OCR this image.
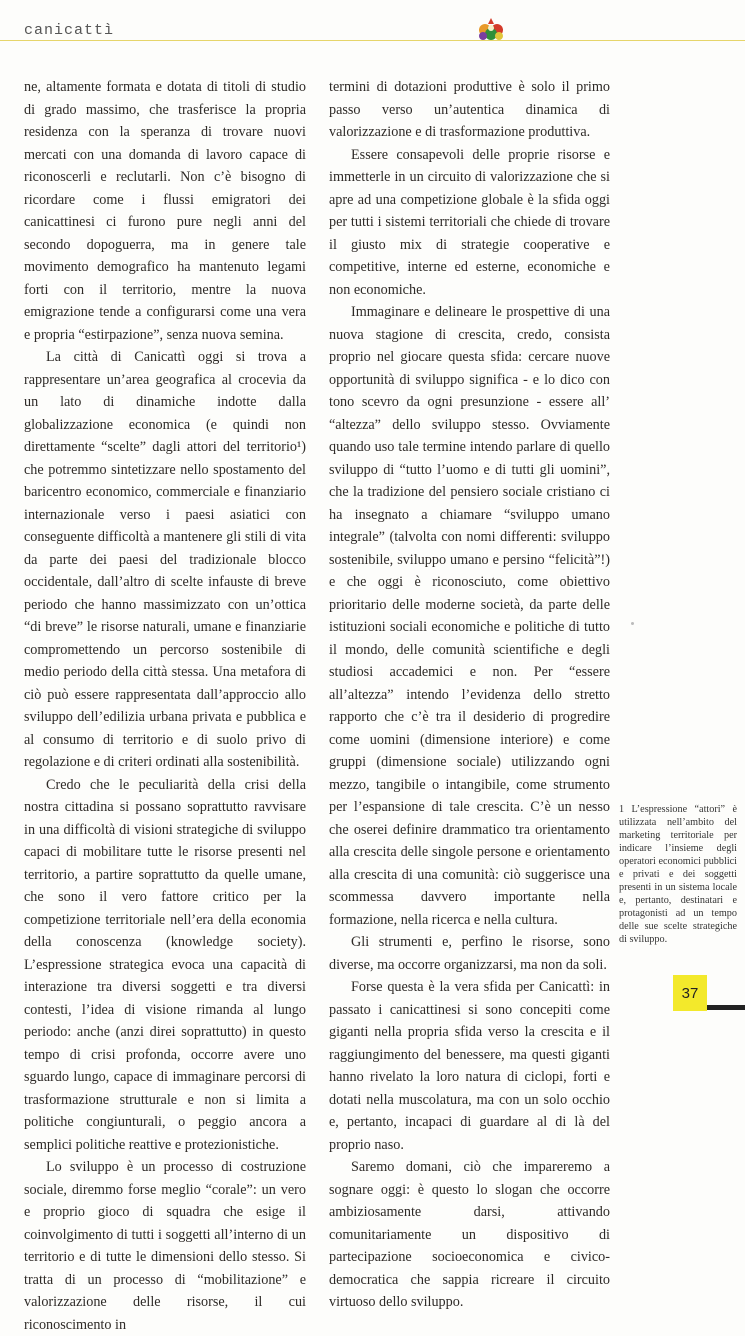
canicattì

ne, altamente formata e dotata di titoli di studio di grado massimo, che trasferisce la propria residenza con la speranza di trovare nuovi mercati con una domanda di lavoro capace di riconoscerli e reclutarli. Non c’è bisogno di ricordare come i flussi emigratori dei canicattinesi ci furono pure negli anni del secondo dopoguerra, ma in genere tale movimento demografico ha mantenuto legami forti con il territorio, mentre la nuova emigrazione tende a configurarsi come una vera e propria “estirpazione”, senza nuova semina.

La città di Canicattì oggi si trova a rappresentare un’area geografica al crocevia da un lato di dinamiche indotte dalla globalizzazione economica (e quindi non direttamente “scelte” dagli attori del territorio¹) che potremmo sintetizzare nello spostamento del baricentro economico, commerciale e finanziario internazionale verso i paesi asiatici con conseguente difficoltà a mantenere gli stili di vita da parte dei paesi del tradizionale blocco occidentale, dall’altro di scelte infauste di breve periodo che hanno massimizzato con un’ottica “di breve” le risorse naturali, umane e finanziarie compromettendo un percorso sostenibile di medio periodo della città stessa. Una metafora di ciò può essere rappresentata dall’approccio allo sviluppo dell’edilizia urbana privata e pubblica e al consumo di territorio e di suolo privo di regolazione e di criteri ordinati alla sostenibilità.

Credo che le peculiarità della crisi della nostra cittadina si possano soprattutto ravvisare in una difficoltà di visioni strategiche di sviluppo capaci di mobilitare tutte le risorse presenti nel territorio, a partire soprattutto da quelle umane, che sono il vero fattore critico per la competizione territoriale nell’era della economia della conoscenza (knowledge society). L’espressione strategica evoca una capacità di interazione tra diversi soggetti e tra diversi contesti, l’idea di visione rimanda al lungo periodo: anche (anzi direi soprattutto) in questo tempo di crisi profonda, occorre avere uno sguardo lungo, capace di immaginare percorsi di trasformazione strutturale e non si limita a politiche congiunturali, o peggio ancora a semplici politiche reattive e protezionistiche.

Lo sviluppo è un processo di costruzione sociale, diremmo forse meglio “corale”: un vero e proprio gioco di squadra che esige il coinvolgimento di tutti i soggetti all’interno di un territorio e di tutte le dimensioni dello stesso. Si tratta di un processo di “mobilitazione” e valorizzazione delle risorse, il cui riconoscimento in

termini di dotazioni produttive è solo il primo passo verso un’autentica dinamica di valorizzazione e di trasformazione produttiva.

Essere consapevoli delle proprie risorse e immetterle in un circuito di valorizzazione che si apre ad una competizione globale è la sfida oggi per tutti i sistemi territoriali che chiede di trovare il giusto mix di strategie cooperative e competitive, interne ed esterne, economiche e non economiche.

Immaginare e delineare le prospettive di una nuova stagione di crescita, credo, consista proprio nel giocare questa sfida: cercare nuove opportunità di sviluppo significa - e lo dico con tono scevro da ogni presunzione - essere all’ “altezza” dello sviluppo stesso. Ovviamente quando uso tale termine intendo parlare di quello sviluppo di “tutto l’uomo e di tutti gli uomini”, che la tradizione del pensiero sociale cristiano ci ha insegnato a chiamare “sviluppo umano integrale” (talvolta con nomi differenti: sviluppo sostenibile, sviluppo umano e persino “felicità”!) e che oggi è riconosciuto, come obiettivo prioritario delle moderne società, da parte delle istituzioni sociali economiche e politiche di tutto il mondo, delle comunità scientifiche e degli studiosi accademici e non. Per “essere all’altezza” intendo l’evidenza dello stretto rapporto che c’è tra il desiderio di progredire come uomini (dimensione interiore) e come gruppi (dimensione sociale) utilizzando ogni mezzo, tangibile o intangibile, come strumento per l’espansione di tale crescita. C’è un nesso che oserei definire drammatico tra orientamento alla crescita delle singole persone e orientamento alla crescita di una comunità: ciò suggerisce una scommessa davvero importante nella formazione, nella ricerca e nella cultura.

Gli strumenti e, perfino le risorse, sono diverse, ma occorre organizzarsi, ma non da soli.

Forse questa è la vera sfida per Canicattì: in passato i canicattinesi si sono concepiti come giganti nella propria sfida verso la crescita e il raggiungimento del benessere, ma questi giganti hanno rivelato la loro natura di ciclopi, forti e dotati nella muscolatura, ma con un solo occhio e, pertanto, incapaci di guardare al di là del proprio naso.

Saremo domani, ciò che impareremo a sognare oggi: è questo lo slogan che occorre ambiziosamente darsi, attivando comunitariamente un dispositivo di partecipazione socioeconomica e civico-democratica che sappia ricreare il circuito virtuoso dello sviluppo.

1 L’espressione “attori” è utilizzata nell’ambito del marketing territoriale per indicare l’insieme degli operatori economici pubblici e privati e dei soggetti presenti in un sistema locale e, pertanto, destinatari e protagonisti ad un tempo delle sue scelte strategiche di sviluppo.
37
